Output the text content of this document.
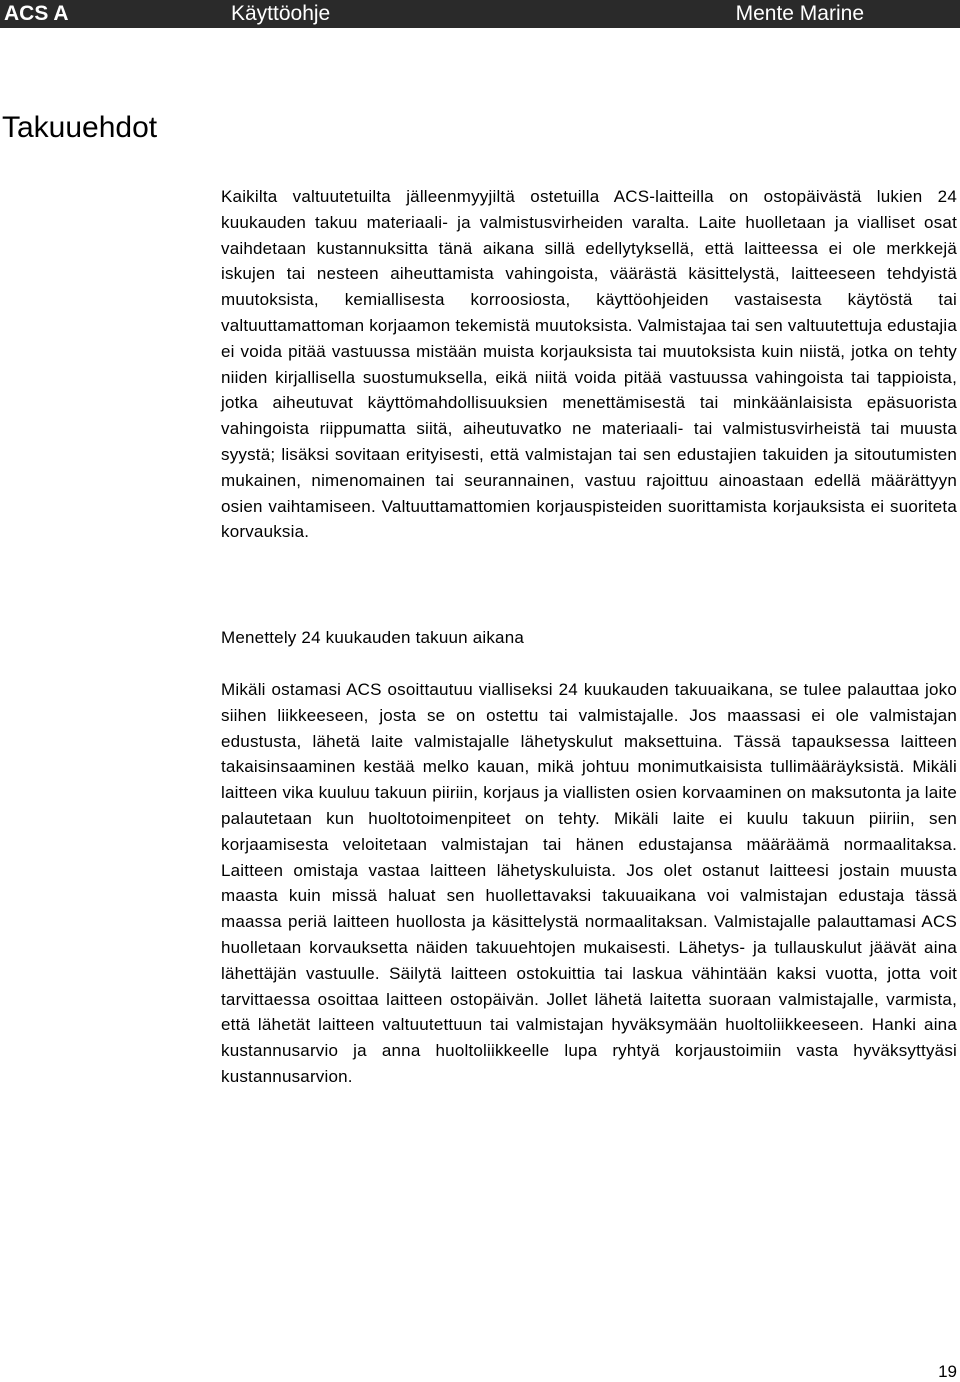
ACS A	Käyttöohje	Mente Marine
Takuuehdot

Kaikilta valtuutetuilta jälleenmyyjiltä ostetuilla ACS-laitteilla on ostopäivästä lukien 24 kuukauden takuu materiaali- ja valmistusvirheiden varalta. Laite huolletaan ja vialliset osat vaihdetaan kustannuksitta tänä aikana sillä edellytyksellä, että laitteessa ei ole merkkejä iskujen tai nesteen aiheuttamista vahingoista, väärästä käsittelystä, laitteeseen tehdyistä muutoksista, kemiallisesta korroosiosta, käyttöohjeiden vastaisesta käytöstä tai valtuuttamattoman korjaamon tekemistä muutoksista. Valmistajaa tai sen valtuutettuja edustajia ei voida pitää vastuussa mistään muista korjauksista tai muutoksista kuin niistä, jotka on tehty niiden kirjallisella suostumuksella, eikä niitä voida pitää vastuussa vahingoista tai tappioista, jotka aiheutuvat käyttömahdollisuuksien menettämisestä tai minkäänlaisista epäsuorista vahingoista riippumatta siitä, aiheutuvatko ne materiaali- tai valmistusvirheistä tai muusta syystä; lisäksi sovitaan erityisesti, että valmistajan tai sen edustajien takuiden ja sitoutumisten mukainen, nimenomainen tai seurannainen, vastuu rajoittuu ainoastaan edellä määrättyyn osien vaihtamiseen. Valtuuttamattomien korjauspisteiden suorittamista korjauksista ei suoriteta korvauksia.

Menettely 24 kuukauden takuun aikana

Mikäli ostamasi ACS osoittautuu vialliseksi 24 kuukauden takuuaikana, se tulee palauttaa joko siihen liikkeeseen, josta se on ostettu tai valmistajalle. Jos maassasi ei ole valmistajan edustusta, lähetä laite valmistajalle lähetyskulut maksettuina. Tässä tapauksessa laitteen takaisinsaaminen kestää melko kauan, mikä johtuu monimutkaisista tullimääräyksistä. Mikäli laitteen vika kuuluu takuun piiriin, korjaus ja viallisten osien korvaaminen on maksutonta ja laite palautetaan kun huoltotoimenpiteet on tehty. Mikäli laite ei kuulu takuun piiriin, sen korjaamisesta veloitetaan valmistajan tai hänen edustajansa määräämä normaalitaksa. Laitteen omistaja vastaa laitteen lähetyskuluista. Jos olet ostanut laitteesi jostain muusta maasta kuin missä haluat sen huollettavaksi takuuaikana voi valmistajan edustaja tässä maassa periä laitteen huollosta ja käsittelystä normaalitaksan. Valmistajalle palauttamasi ACS huolletaan korvauksetta näiden takuuehtojen mukaisesti. Lähetys- ja tullauskulut jäävät aina lähettäjän vastuulle. Säilytä laitteen ostokuittia tai laskua vähintään kaksi vuotta, jotta voit tarvittaessa osoittaa laitteen ostopäivän. Jollet lähetä laitetta suoraan valmistajalle, varmista, että lähetät laitteen valtuutettuun tai valmistajan hyväksymään huoltoliikkeeseen. Hanki aina kustannusarvio ja anna huoltoliikkeelle lupa ryhtyä korjaustoimiin vasta hyväksyttyäsi kustannusarvion.

19
